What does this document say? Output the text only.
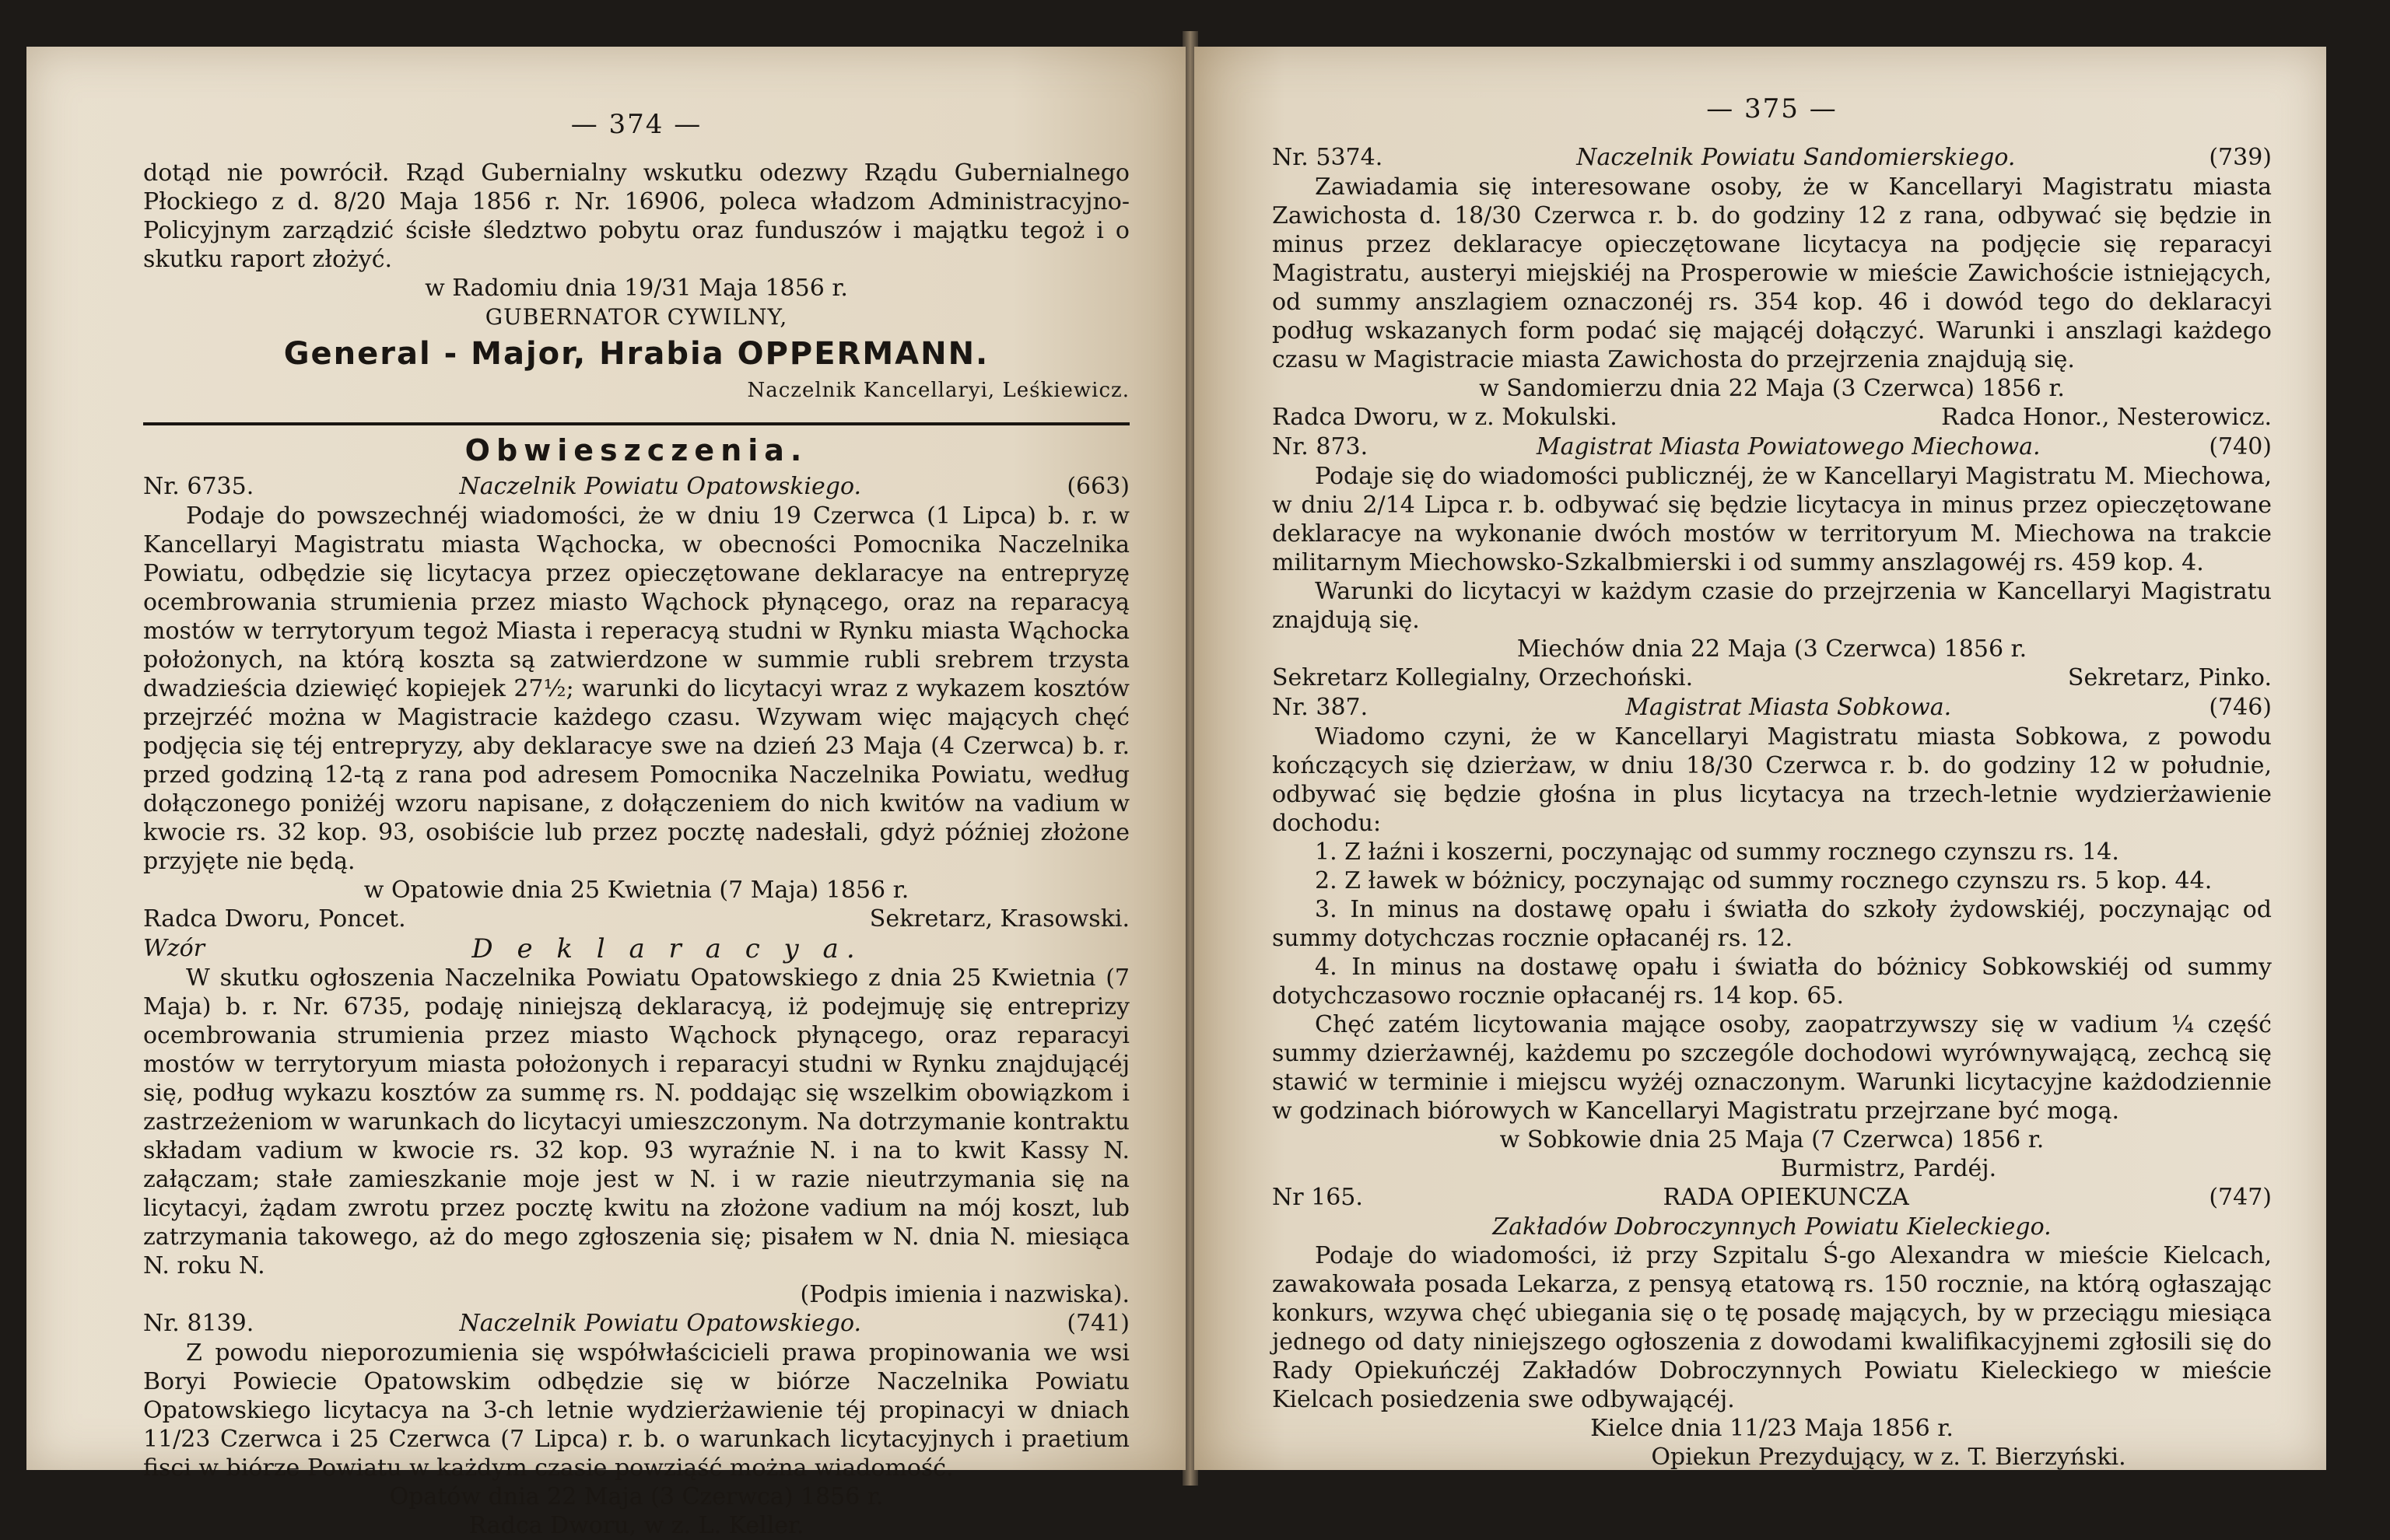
— 374 —

dotąd nie powrócił. Rząd Gubernialny wskutku odezwy Rządu Gubernialnego Płockiego z d. 8/20 Maja 1856 r. Nr. 16906, poleca władzom Administracyjno-Policyjnym zarządzić ścisłe śledztwo pobytu oraz funduszów i majątku tegoż i o skutku raport złożyć.

w Radomiu dnia 19/31 Maja 1856 r.

GUBERNATOR CYWILNY,

General - Major, Hrabia OPPERMANN.

Naczelnik Kancellaryi, Leśkiewicz.

Obwieszczenia.
Nr. 6735.	Naczelnik Powiatu Opatowskiego.	(663)

Podaje do powszechnéj wiadomości, że w dniu 19 Czerwca (1 Lipca) b. r. w Kancellaryi Magistratu miasta Wąchocka, w obecności Pomocnika Naczelnika Powiatu, odbędzie się licytacya przez opieczętowane deklaracye na entrepryzę ocembrowania strumienia przez miasto Wąchock płynącego, oraz na reparacyą mostów w terrytoryum tegoż Miasta i reperacyą studni w Rynku miasta Wąchocka położonych, na którą koszta są zatwierdzone w summie rubli srebrem trzysta dwadzieścia dziewięć kopiejek 27½; warunki do licytacyi wraz z wykazem kosztów przejrzéć można w Magistracie każdego czasu. Wzywam więc mających chęć podjęcia się téj entrepryzy, aby deklaracye swe na dzień 23 Maja (4 Czerwca) b. r. przed godziną 12-tą z rana pod adresem Pomocnika Naczelnika Powiatu, według dołączonego poniżéj wzoru napisane, z dołączeniem do nich kwitów na vadium w kwocie rs. 32 kop. 93, osobiście lub przez pocztę nadesłali, gdyż później złożone przyjęte nie będą.

w Opatowie dnia 25 Kwietnia (7 Maja) 1856 r.

Radca Dworu, Poncet.	Sekretarz, Krasowski.
Wzór	D e k l a r a c y a.

W skutku ogłoszenia Naczelnika Powiatu Opatowskiego z dnia 25 Kwietnia (7 Maja) b. r. Nr. 6735, podaję niniejszą deklaracyą, iż podejmuję się entreprizy ocembrowania strumienia przez miasto Wąchock płynącego, oraz reparacyi mostów w terrytoryum miasta położonych i reparacyi studni w Rynku znajdującéj się, podług wykazu kosztów za summę rs. N. poddając się wszelkim obowiązkom i zastrzeżeniom w warunkach do licytacyi umieszczonym. Na dotrzymanie kontraktu składam vadium w kwocie rs. 32 kop. 93 wyraźnie N. i na to kwit Kassy N. załączam; stałe zamieszkanie moje jest w N. i w razie nieutrzymania się na licytacyi, żądam zwrotu przez pocztę kwitu na złożone vadium na mój koszt, lub zatrzymania takowego, aż do mego zgłoszenia się; pisałem w N. dnia N. miesiąca N. roku N.

(Podpis imienia i nazwiska).

Nr. 8139.	Naczelnik Powiatu Opatowskiego.	(741)

Z powodu nieporozumienia się współwłaścicieli prawa propinowania we wsi Boryi Powiecie Opatowskim odbędzie się w biórze Naczelnika Powiatu Opatowskiego licytacya na 3-ch letnie wydzierżawienie téj propinacyi w dniach 11/23 Czerwca i 25 Czerwca (7 Lipca) r. b. o warunkach licytacyjnych i praetium fisci w biórze Powiatu w każdym czasie powziąść można wiadomość.

Opatów dnia 22 Maja (3 Czerwca) 1856 r.

Radca Dworu, w z. L. Keller.

— 375 —
Nr. 5374.	Naczelnik Powiatu Sandomierskiego.	(739)

Zawiadamia się interesowane osoby, że w Kancellaryi Magistratu miasta Zawichosta d. 18/30 Czerwca r. b. do godziny 12 z rana, odbywać się będzie in minus przez deklaracye opieczętowane licytacya na podjęcie się reparacyi Magistratu, austeryi miejskiéj na Prosperowie w mieście Zawichoście istniejących, od summy anszlagiem oznaczonéj rs. 354 kop. 46 i dowód tego do deklaracyi podług wskazanych form podać się mającéj dołączyć. Warunki i anszlagi każdego czasu w Magistracie miasta Zawichosta do przejrzenia znajdują się.

w Sandomierzu dnia 22 Maja (3 Czerwca) 1856 r.

Radca Dworu, w z. Mokulski.	Radca Honor., Nesterowicz.
Nr. 873.	Magistrat Miasta Powiatowego Miechowa.	(740)

Podaje się do wiadomości publicznéj, że w Kancellaryi Magistratu M. Miechowa, w dniu 2/14 Lipca r. b. odbywać się będzie licytacya in minus przez opieczętowane deklaracye na wykonanie dwóch mostów w territoryum M. Miechowa na trakcie militarnym Miechowsko-Szkalbmierski i od summy anszlagowéj rs. 459 kop. 4.

Warunki do licytacyi w każdym czasie do przejrzenia w Kancellaryi Magistratu znajdują się.

Miechów dnia 22 Maja (3 Czerwca) 1856 r.

Sekretarz Kollegialny, Orzechoński.	Sekretarz, Pinko.
Nr. 387.	Magistrat Miasta Sobkowa.	(746)

Wiadomo czyni, że w Kancellaryi Magistratu miasta Sobkowa, z powodu kończących się dzierżaw, w dniu 18/30 Czerwca r. b. do godziny 12 w południe, odbywać się będzie głośna in plus licytacya na trzech-letnie wydzierżawienie dochodu:

1. Z łaźni i koszerni, poczynając od summy rocznego czynszu rs. 14.

2. Z ławek w bóżnicy, poczynając od summy rocznego czynszu rs. 5 kop. 44.

3. In minus na dostawę opału i światła do szkoły żydowskiéj, poczynając od summy dotychczas rocznie opłacanéj rs. 12.

4. In minus na dostawę opału i światła do bóżnicy Sobkowskiéj od summy dotychczasowo rocznie opłacanéj rs. 14 kop. 65.

Chęć zatém licytowania mające osoby, zaopatrzywszy się w vadium ¼ część summy dzierżawnéj, każdemu po szczególe dochodowi wyrównywającą, zechcą się stawić w terminie i miejscu wyżéj oznaczonym. Warunki licytacyjne każdodziennie w godzinach biórowych w Kancellaryi Magistratu przejrzane być mogą.

w Sobkowie dnia 25 Maja (7 Czerwca) 1856 r.

Burmistrz, Pardéj.

Nr 165.	RADA OPIEKUNCZA	(747)

Zakładów Dobroczynnych Powiatu Kieleckiego.

Podaje do wiadomości, iż przy Szpitalu Ś-go Alexandra w mieście Kielcach, zawakowała posada Lekarza, z pensyą etatową rs. 150 rocznie, na którą ogłaszając konkurs, wzywa chęć ubiegania się o tę posadę mających, by w przeciągu miesiąca jednego od daty niniejszego ogłoszenia z dowodami kwalifikacyjnemi zgłosili się do Rady Opiekuńczéj Zakładów Dobroczynnych Powiatu Kieleckiego w mieście Kielcach posiedzenia swe odbywającéj.

Kielce dnia 11/23 Maja 1856 r.

Opiekun Prezydujący, w z. T. Bierzyński.
